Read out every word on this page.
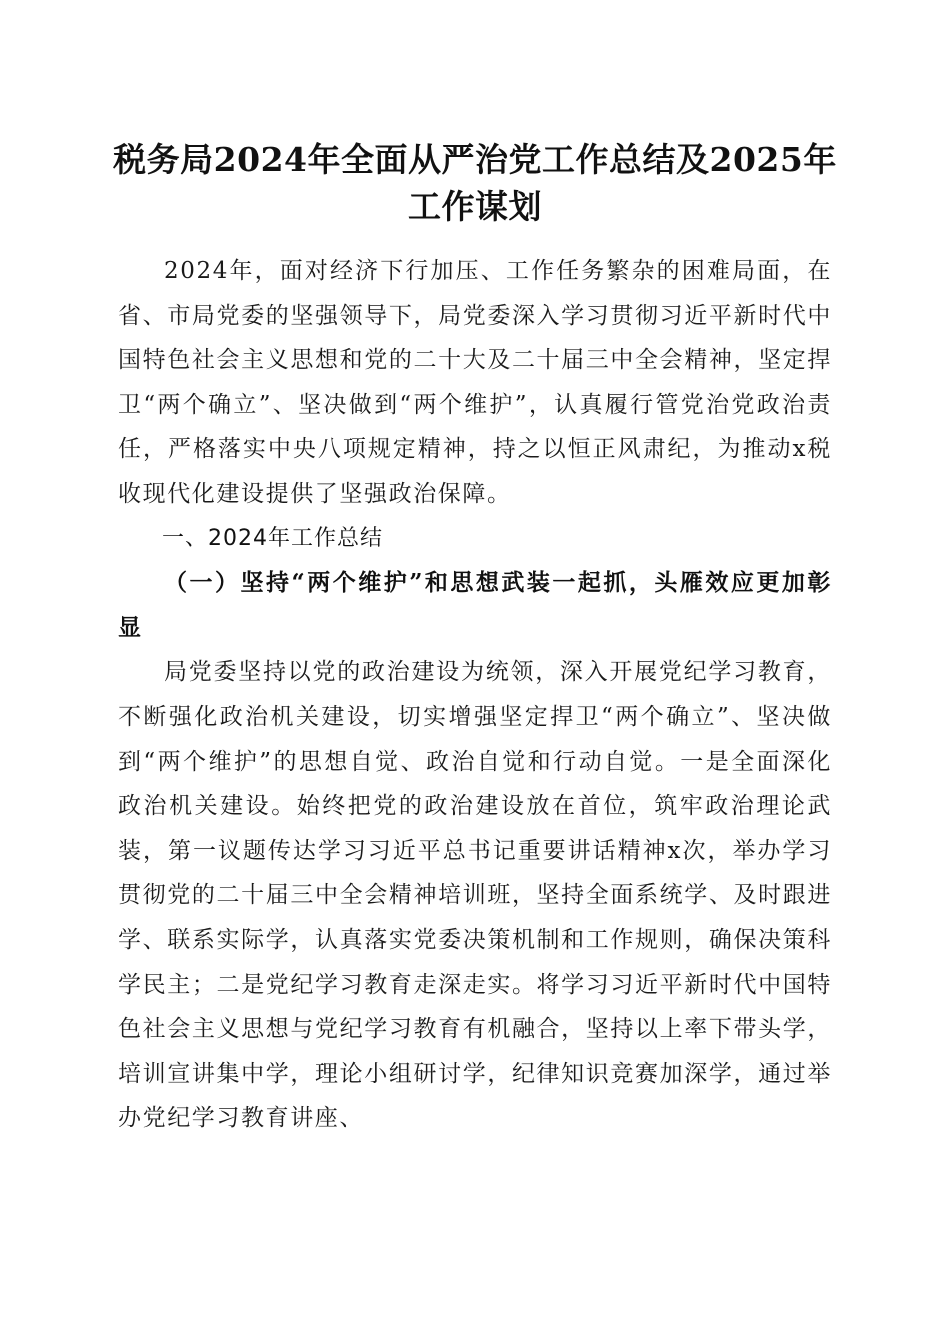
税务局2024年全面从严治党工作总结及2025年工作谋划

2024年，面对经济下行加压、工作任务繁杂的困难局面，在省、市局党委的坚强领导下，局党委深入学习贯彻习近平新时代中国特色社会主义思想和党的二十大及二十届三中全会精神，坚定捍卫“两个确立”、坚决做到“两个维护”，认真履行管党治党政治责任，严格落实中央八项规定精神，持之以恒正风肃纪，为推动x税收现代化建设提供了坚强政治保障。

一、2024年工作总结

（一）坚持“两个维护”和思想武装一起抓，头雁效应更加彰显

局党委坚持以党的政治建设为统领，深入开展党纪学习教育，不断强化政治机关建设，切实增强坚定捍卫“两个确立”、坚决做到“两个维护”的思想自觉、政治自觉和行动自觉。一是全面深化政治机关建设。始终把党的政治建设放在首位，筑牢政治理论武装，第一议题传达学习习近平总书记重要讲话精神x次，举办学习贯彻党的二十届三中全会精神培训班，坚持全面系统学、及时跟进学、联系实际学，认真落实党委决策机制和工作规则，确保决策科学民主；二是党纪学习教育走深走实。将学习习近平新时代中国特色社会主义思想与党纪学习教育有机融合，坚持以上率下带头学，培训宣讲集中学，理论小组研讨学，纪律知识竞赛加深学，通过举办党纪学习教育讲座、
